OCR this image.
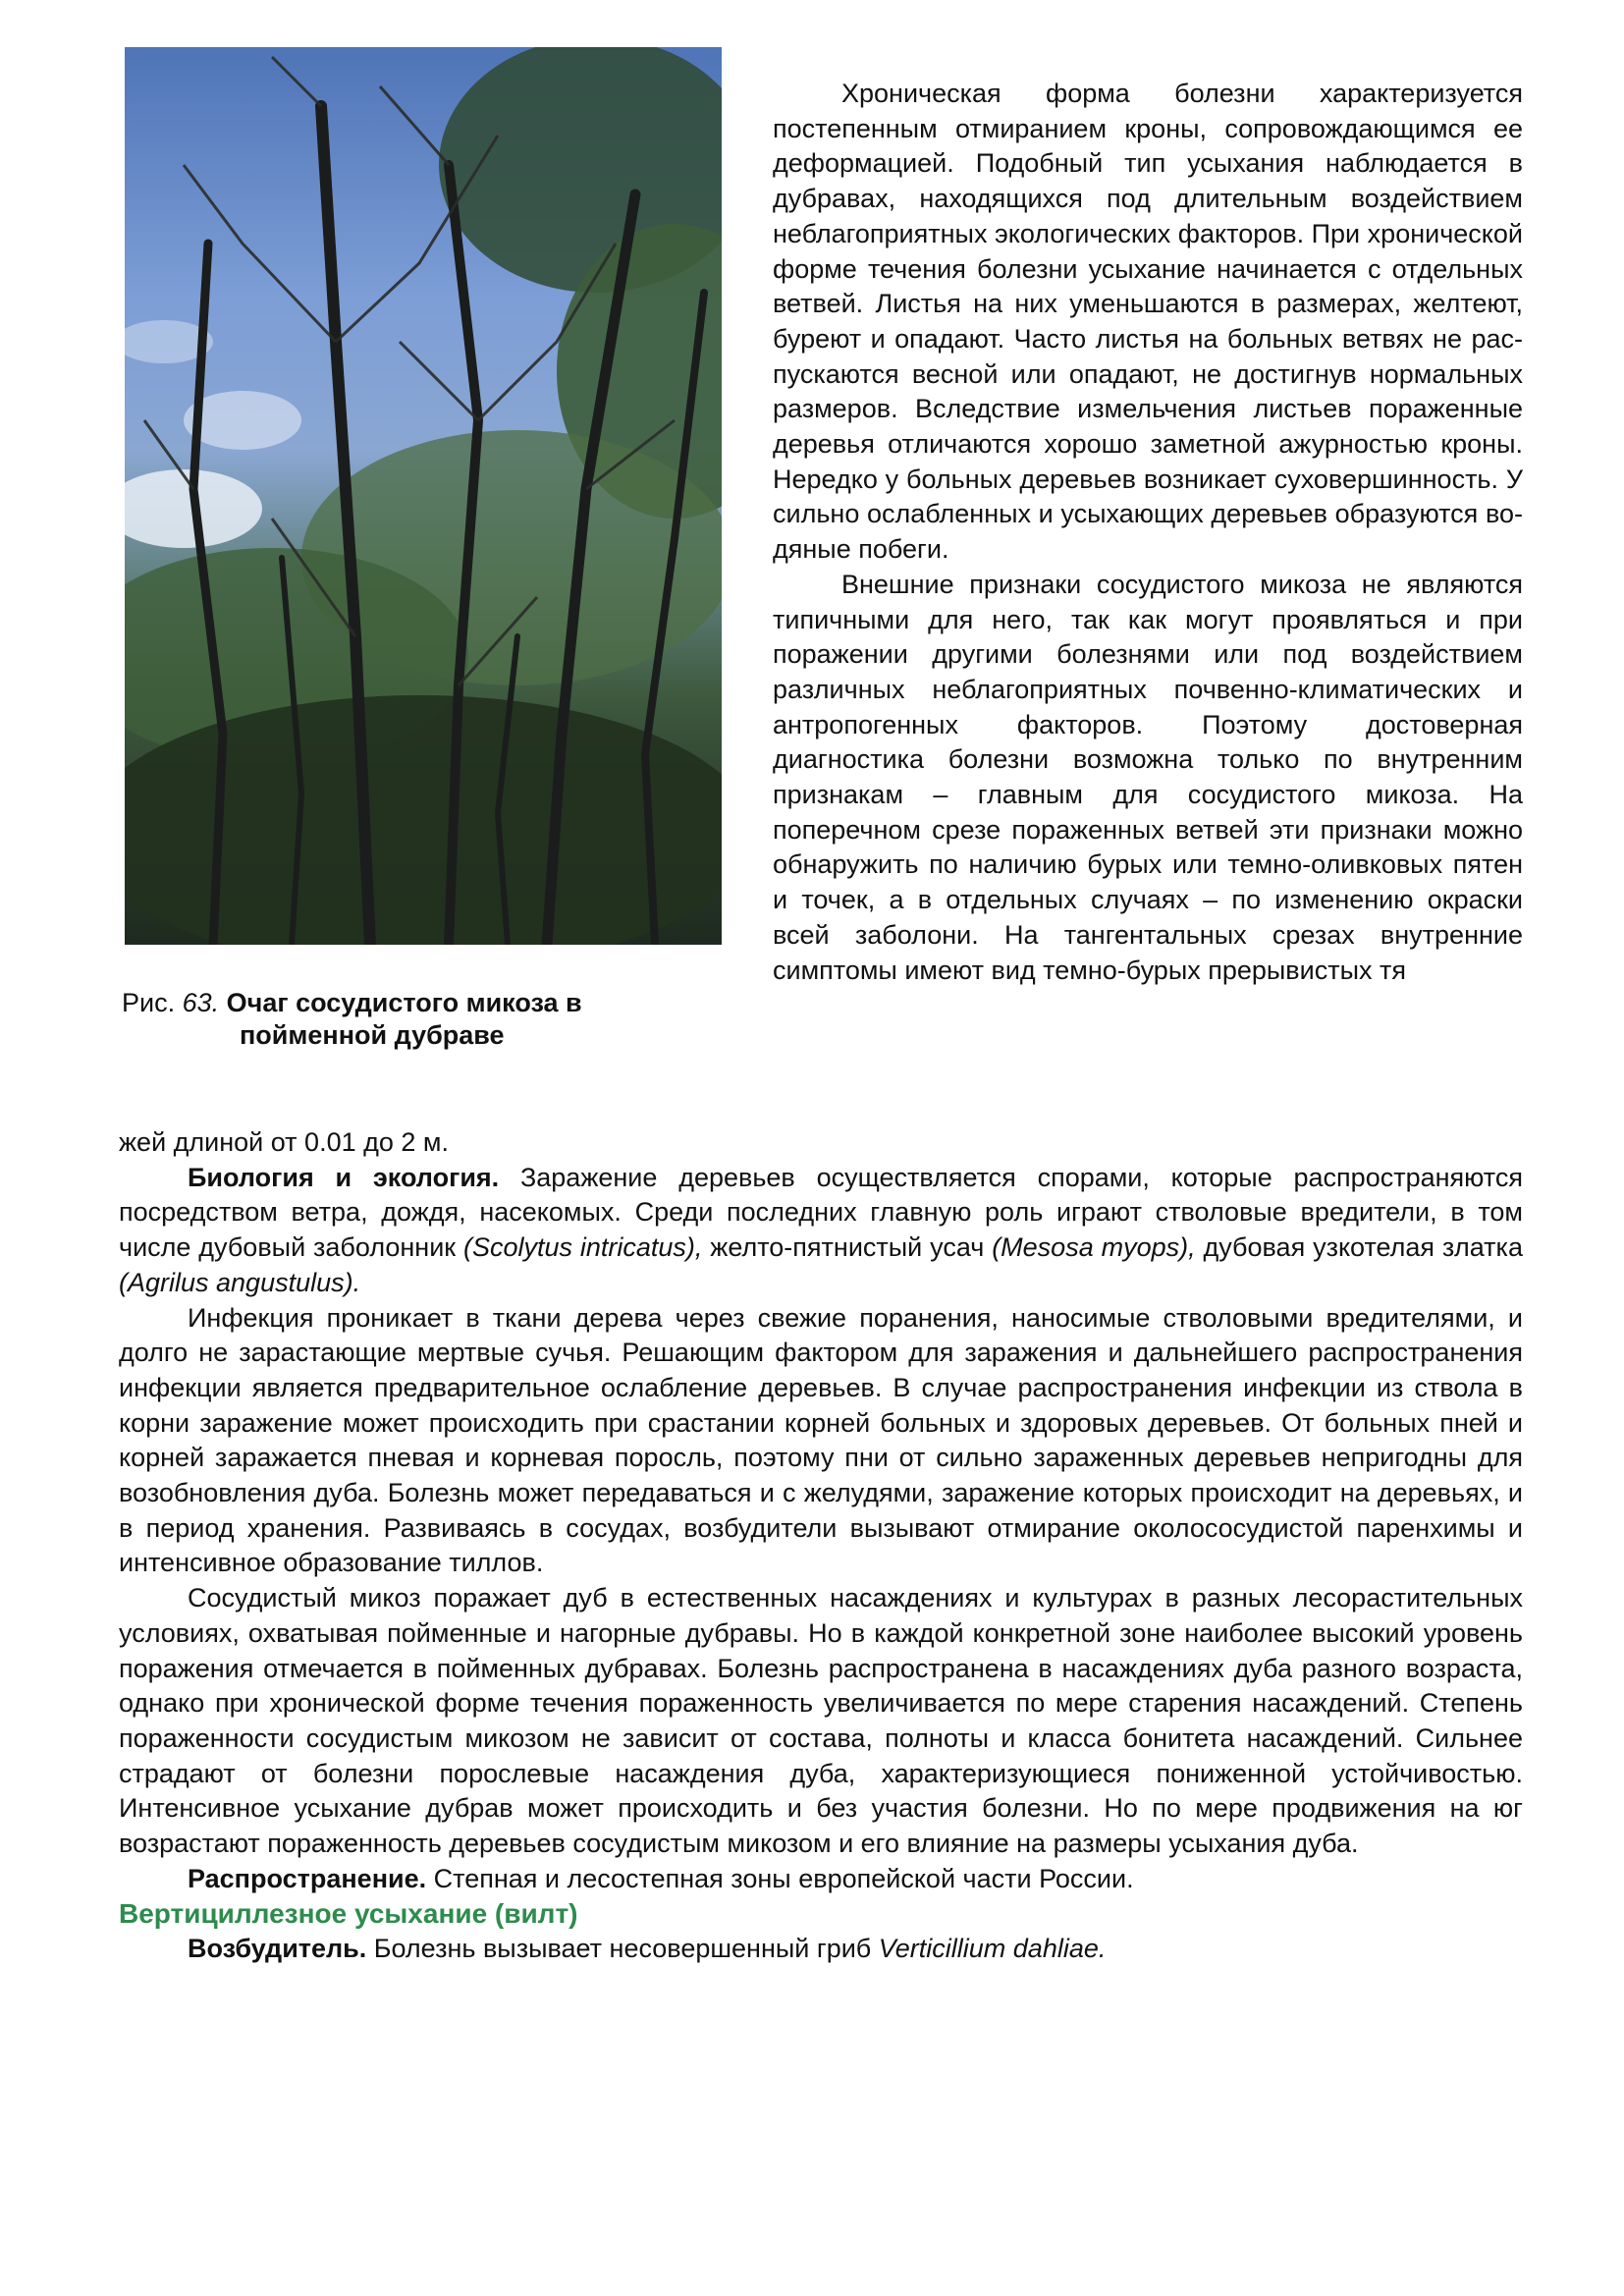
Рис. 63. Очаг сосудистого микоза в
пойменной дубраве

Хроническая форма болезни характеризуется постепенным отмиранием кроны, сопровождающимся ее деформацией. Подобный тип усыхания наблюдается в дубравах, находящихся под длительным воздействием неблагоприятных экологических факторов. При хронической форме течения болезни усыхание начинается с отдельных ветвей. Листья на них уменьшаются в размерах, желтеют, буреют и опадают. Часто листья на больных ветвях не распускаются весной или опадают, не достигнув нормальных размеров. Вследствие измельчения листьев пораженные деревья отличаются хорошо заметной ажурностью кроны. Нередко у больных деревьев возникает суховершинность. У сильно ослабленных и усыхающих деревьев образуются водяные побеги.

Внешние признаки сосудистого микоза не являются типичными для него, так как могут проявляться и при поражении другими болезнями или под воздействием различных неблагоприятных почвенно-климатических и антропогенных факторов. Поэтому достоверная диагностика болезни возможна только по внутренним признакам – главным для сосудистого микоза. На поперечном срезе пораженных ветвей эти признаки можно обнаружить по наличию бурых или темно-оливковых пятен и точек, а в отдельных случаях – по изменению окраски всей заболони. На тангентальных срезах внутренние симптомы имеют вид темно-бурых прерывистых тя

жей длиной от 0.01 до 2 м.

Биология и экология. Заражение деревьев осуществляется спорами, которые распространяются посредством ветра, дождя, насекомых. Среди последних главную роль играют стволовые вредители, в том числе дубовый заболонник (Scolytus intricatus), желто-пятнистый усач (Mesosa myops), дубовая узкотелая златка (Agrilus angustulus).

Инфекция проникает в ткани дерева через свежие поранения, наносимые стволовыми вредителями, и долго не зарастающие мертвые сучья. Решающим фактором для заражения и дальнейшего распространения инфекции является предварительное ослабление деревьев. В случае распространения инфекции из ствола в корни заражение может происходить при срастании корней больных и здоровых деревьев. От больных пней и корней заражается пневая и корневая поросль, поэтому пни от сильно зараженных деревьев непригодны для возобновления дуба. Болезнь может передаваться и с желудями, заражение которых происходит на деревьях, и в период хранения. Развиваясь в сосудах, возбудители вызывают отмирание околососудистой паренхимы и интенсивное образование тиллов.

Сосудистый микоз поражает дуб в естественных насаждениях и культурах в разных лесорастительных условиях, охватывая пойменные и нагорные дубравы. Но в каждой конкретной зоне наиболее высокий уровень поражения отмечается в пойменных дубравах. Болезнь распространена в насаждениях дуба разного возраста, однако при хронической форме течения пораженность увеличивается по мере старения насаждений. Степень пораженности сосудистым микозом не зависит от состава, полноты и класса бонитета насаждений. Сильнее страдают от болезни порослевые насаждения дуба, характеризующиеся пониженной устойчивостью. Интенсивное усыхание дубрав может происходить и без участия болезни. Но по мере продвижения на юг возрастают пораженность деревьев сосудистым микозом и его влияние на размеры усыхания дуба.

Распространение. Степная и лесостепная зоны европейской части России.

Вертициллезное усыхание (вилт)

Возбудитель. Болезнь вызывает несовершенный гриб Verticillium dahliae.
